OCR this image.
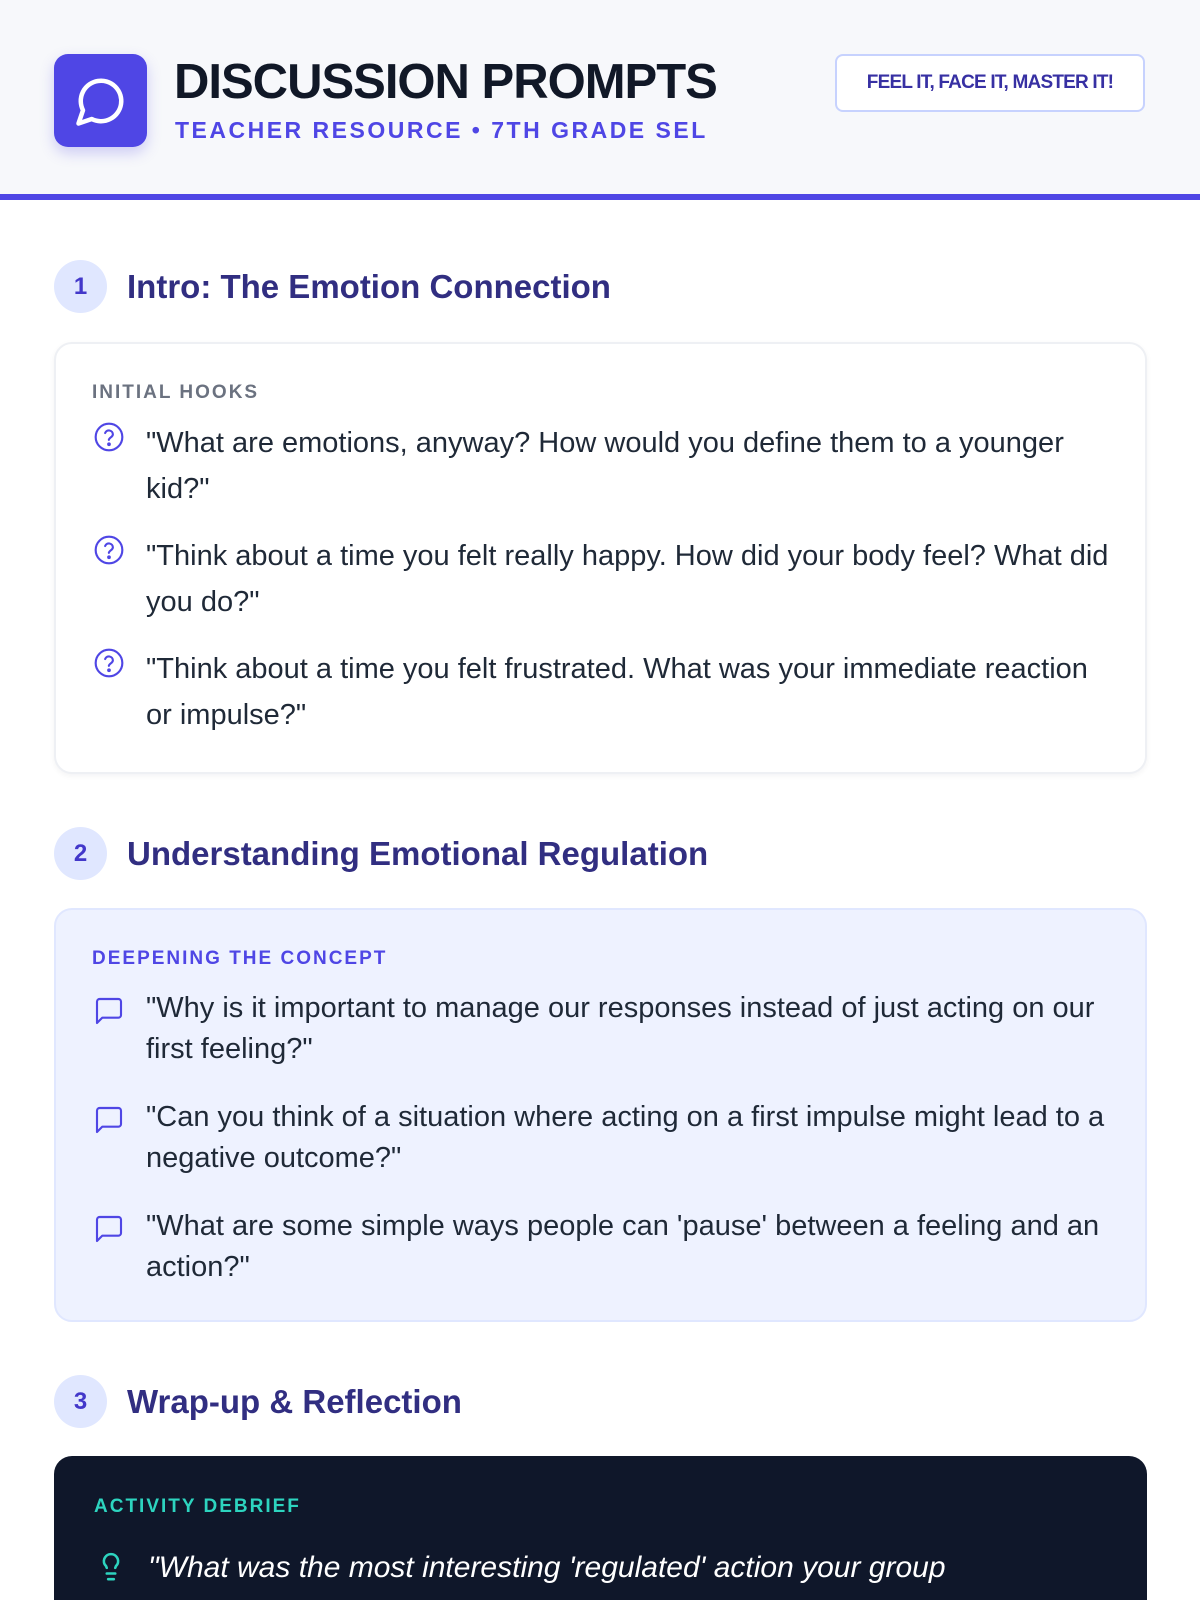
DISCUSSION PROMPTS
TEACHER RESOURCE • 7TH GRADE SEL
FEEL IT, FACE IT, MASTER IT!
1	Intro: The Emotion Connection
INITIAL HOOKS
"What are emotions, anyway? How would you define them to a younger kid?"
"Think about a time you felt really happy. How did your body feel? What did you do?"
"Think about a time you felt frustrated. What was your immediate reaction or impulse?"
2	Understanding Emotional Regulation
DEEPENING THE CONCEPT
"Why is it important to manage our responses instead of just acting on our first feeling?"
"Can you think of a situation where acting on a first impulse might lead to a negative outcome?"
"What are some simple ways people can 'pause' between a feeling and an action?"
3	Wrap-up & Reflection
ACTIVITY DEBRIEF
"What was the most interesting 'regulated' action your group
